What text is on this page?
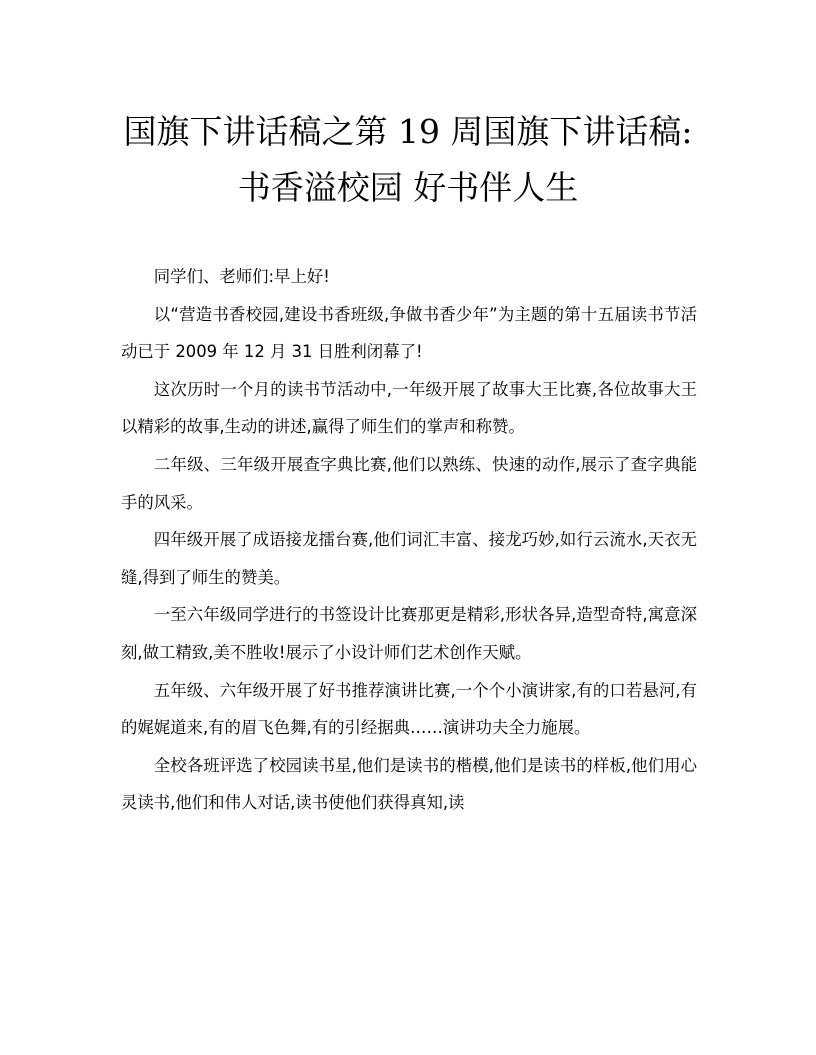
国旗下讲话稿之第 19 周国旗下讲话稿:
书香溢校园 好书伴人生

同学们、老师们:早上好!

以“营造书香校园,建设书香班级,争做书香少年”为主题的第十五届读书节活动已于 2009 年 12 月 31 日胜利闭幕了!

这次历时一个月的读书节活动中,一年级开展了故事大王比赛,各位故事大王以精彩的故事,生动的讲述,赢得了师生们的掌声和称赞。

二年级、三年级开展查字典比赛,他们以熟练、快速的动作,展示了查字典能手的风采。

四年级开展了成语接龙擂台赛,他们词汇丰富、接龙巧妙,如行云流水,天衣无缝,得到了师生的赞美。

一至六年级同学进行的书签设计比赛那更是精彩,形状各异,造型奇特,寓意深刻,做工精致,美不胜收!展示了小设计师们艺术创作天赋。

五年级、六年级开展了好书推荐演讲比赛,一个个小演讲家,有的口若悬河,有的娓娓道来,有的眉飞色舞,有的引经据典……演讲功夫全力施展。

全校各班评选了校园读书星,他们是读书的楷模,他们是读书的样板,他们用心灵读书,他们和伟人对话,读书使他们获得真知,读
